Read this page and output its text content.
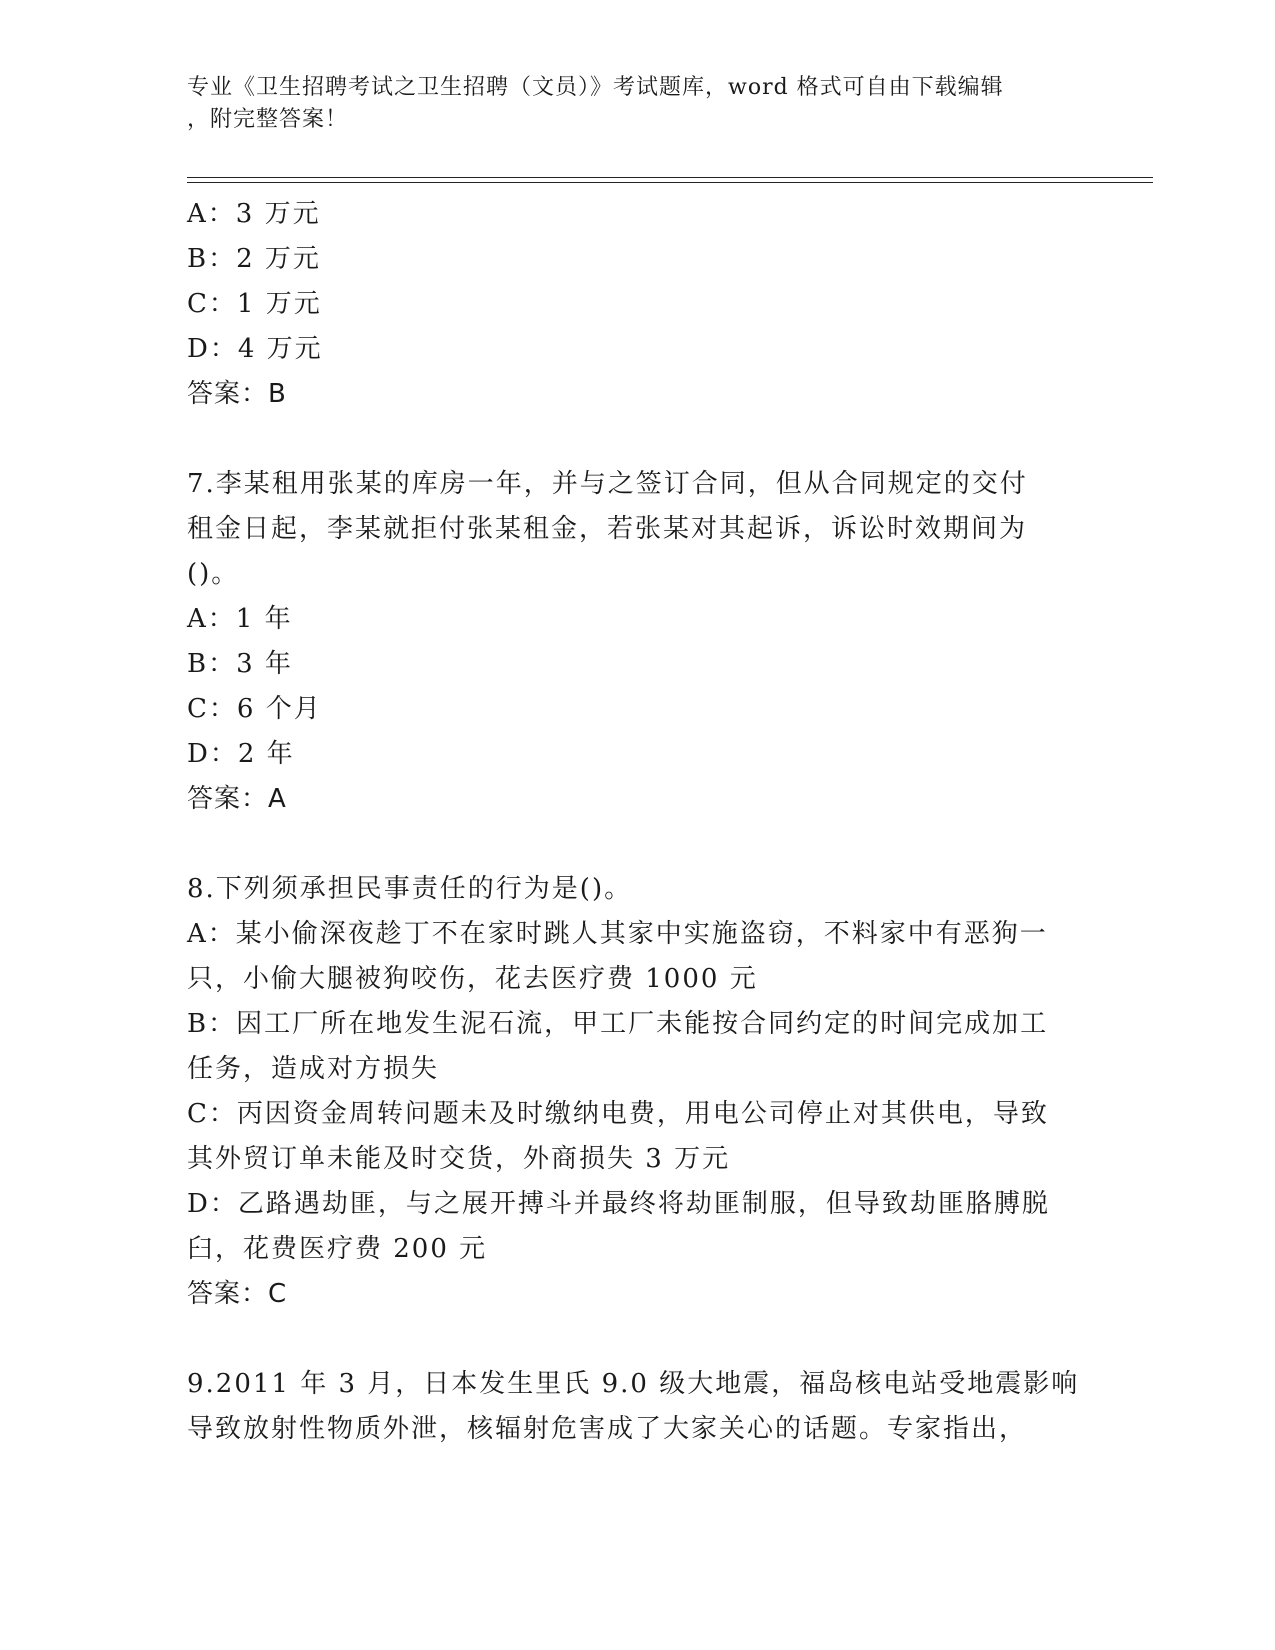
专业《卫生招聘考试之卫生招聘（文员）》考试题库，word 格式可自由下载编辑
，附完整答案！
A：3 万元
B：2 万元
C：1 万元
D：4 万元
答案：B
7.李某租用张某的库房一年，并与之签订合同，但从合同规定的交付
租金日起，李某就拒付张某租金，若张某对其起诉，诉讼时效期间为
()。
A：1 年
B：3 年
C：6 个月
D：2 年
答案：A
8.下列须承担民事责任的行为是()。
A：某小偷深夜趁丁不在家时跳人其家中实施盗窃，不料家中有恶狗一
只，小偷大腿被狗咬伤，花去医疗费 1000 元
B：因工厂所在地发生泥石流，甲工厂未能按合同约定的时间完成加工
任务，造成对方损失
C：丙因资金周转问题未及时缴纳电费，用电公司停止对其供电，导致
其外贸订单未能及时交货，外商损失 3 万元
D：乙路遇劫匪，与之展开搏斗并最终将劫匪制服，但导致劫匪胳膊脱
臼，花费医疗费 200 元
答案：C
9.2011 年 3 月，日本发生里氏 9.0 级大地震，福岛核电站受地震影响
导致放射性物质外泄，核辐射危害成了大家关心的话题。专家指出，
